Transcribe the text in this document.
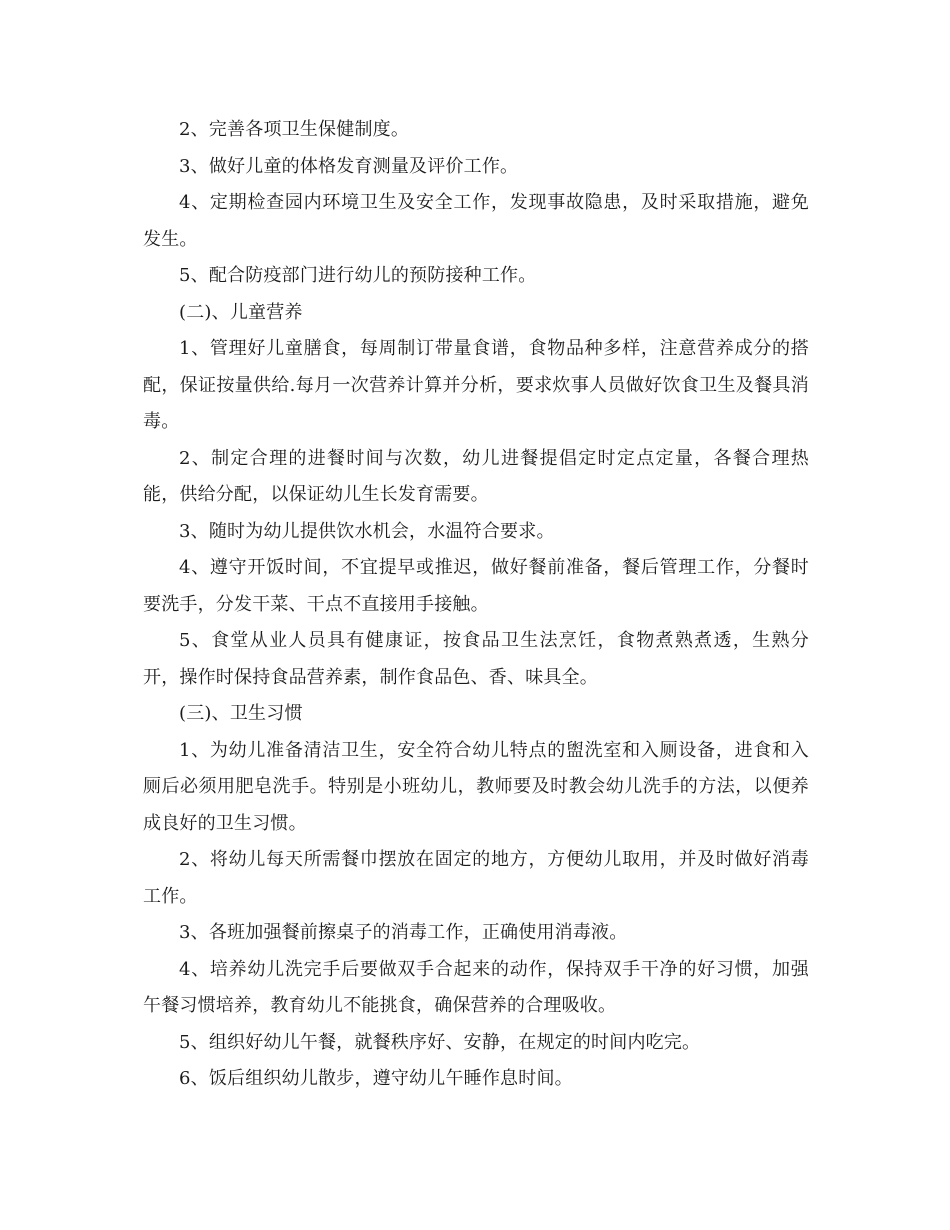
2、完善各项卫生保健制度。

3、做好儿童的体格发育测量及评价工作。

4、定期检查园内环境卫生及安全工作，发现事故隐患，及时采取措施，避免发生。

5、配合防疫部门进行幼儿的预防接种工作。

(二)、儿童营养

1、管理好儿童膳食，每周制订带量食谱，食物品种多样，注意营养成分的搭配，保证按量供给.每月一次营养计算并分析，要求炊事人员做好饮食卫生及餐具消毒。

2、制定合理的进餐时间与次数，幼儿进餐提倡定时定点定量，各餐合理热能，供给分配，以保证幼儿生长发育需要。

3、随时为幼儿提供饮水机会，水温符合要求。

4、遵守开饭时间，不宜提早或推迟，做好餐前准备，餐后管理工作，分餐时要洗手，分发干菜、干点不直接用手接触。

5、食堂从业人员具有健康证，按食品卫生法烹饪，食物煮熟煮透，生熟分开，操作时保持食品营养素，制作食品色、香、味具全。

(三)、卫生习惯

1、为幼儿准备清洁卫生，安全符合幼儿特点的盥洗室和入厕设备，进食和入厕后必须用肥皂洗手。特别是小班幼儿，教师要及时教会幼儿洗手的方法，以便养成良好的卫生习惯。

2、将幼儿每天所需餐巾摆放在固定的地方，方便幼儿取用，并及时做好消毒工作。

3、各班加强餐前擦桌子的消毒工作，正确使用消毒液。

4、培养幼儿洗完手后要做双手合起来的动作，保持双手干净的好习惯，加强午餐习惯培养，教育幼儿不能挑食，确保营养的合理吸收。

5、组织好幼儿午餐，就餐秩序好、安静，在规定的时间内吃完。

6、饭后组织幼儿散步，遵守幼儿午睡作息时间。
